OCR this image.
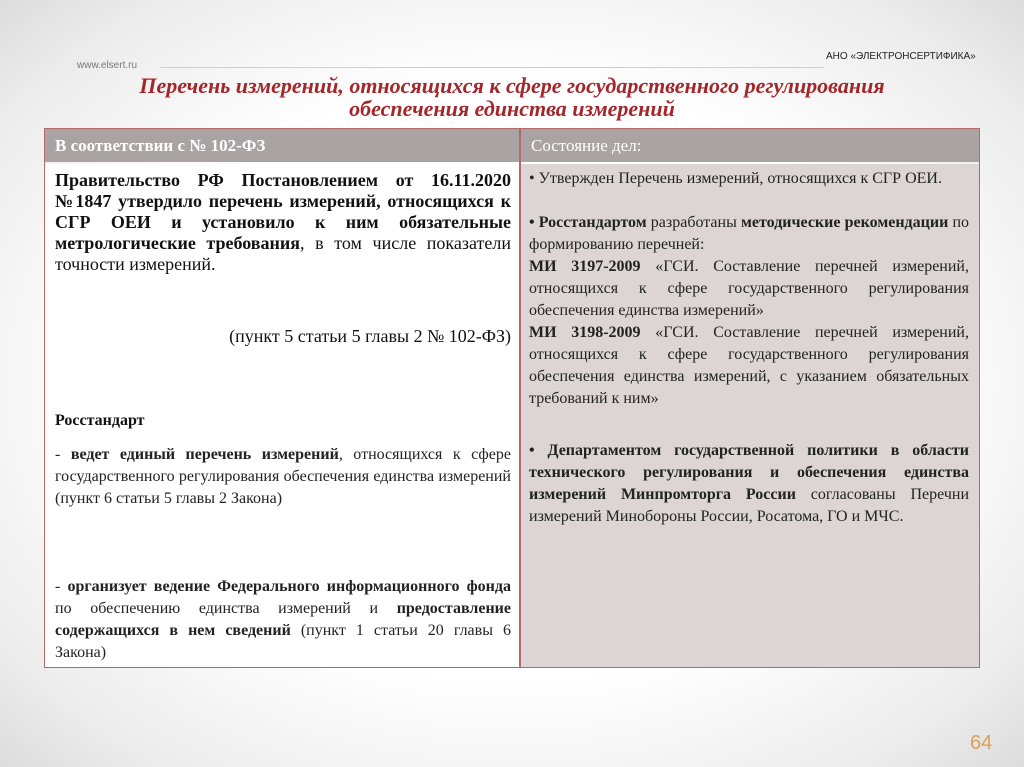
АНО «ЭЛЕКТРОНСЕРТИФИКА»
www.elsert.ru
Перечень измерений, относящихся к сфере государственного регулирования
обеспечения единства измерений
В соответствии с № 102-ФЗ	Состояние дел:
Правительство РФ Постановлением от 16.11.2020 №1847 утвердило перечень измерений, относящихся к СГР ОЕИ и установило к ним обязательные метрологические требования, в том числе показатели точности измерений.
(пункт 5 статьи 5 главы 2 № 102-ФЗ)
Росстандарт
- ведет единый перечень измерений, относящихся к сфере государственного регулирования обеспечения единства измерений (пункт 6 статьи 5 главы 2 Закона)
- организует ведение Федерального информационного фонда по обеспечению единства измерений и предоставление содержащихся в нем сведений (пункт 1 статьи 20 главы 6 Закона)
• Утвержден Перечень измерений, относящихся к СГР ОЕИ.
• Росстандартом разработаны методические рекомендации по формированию перечней:
МИ 3197-2009 «ГСИ. Составление перечней измерений, относящихся к сфере государственного регулирования обеспечения единства измерений»
МИ 3198-2009 «ГСИ. Составление перечней измерений, относящихся к сфере государственного регулирования обеспечения единства измерений, с указанием обязательных требований к ним»
• Департаментом государственной политики в области технического регулирования и обеспечения единства измерений Минпромторга России согласованы Перечни измерений Минобороны России, Росатома, ГО и МЧС.
64
